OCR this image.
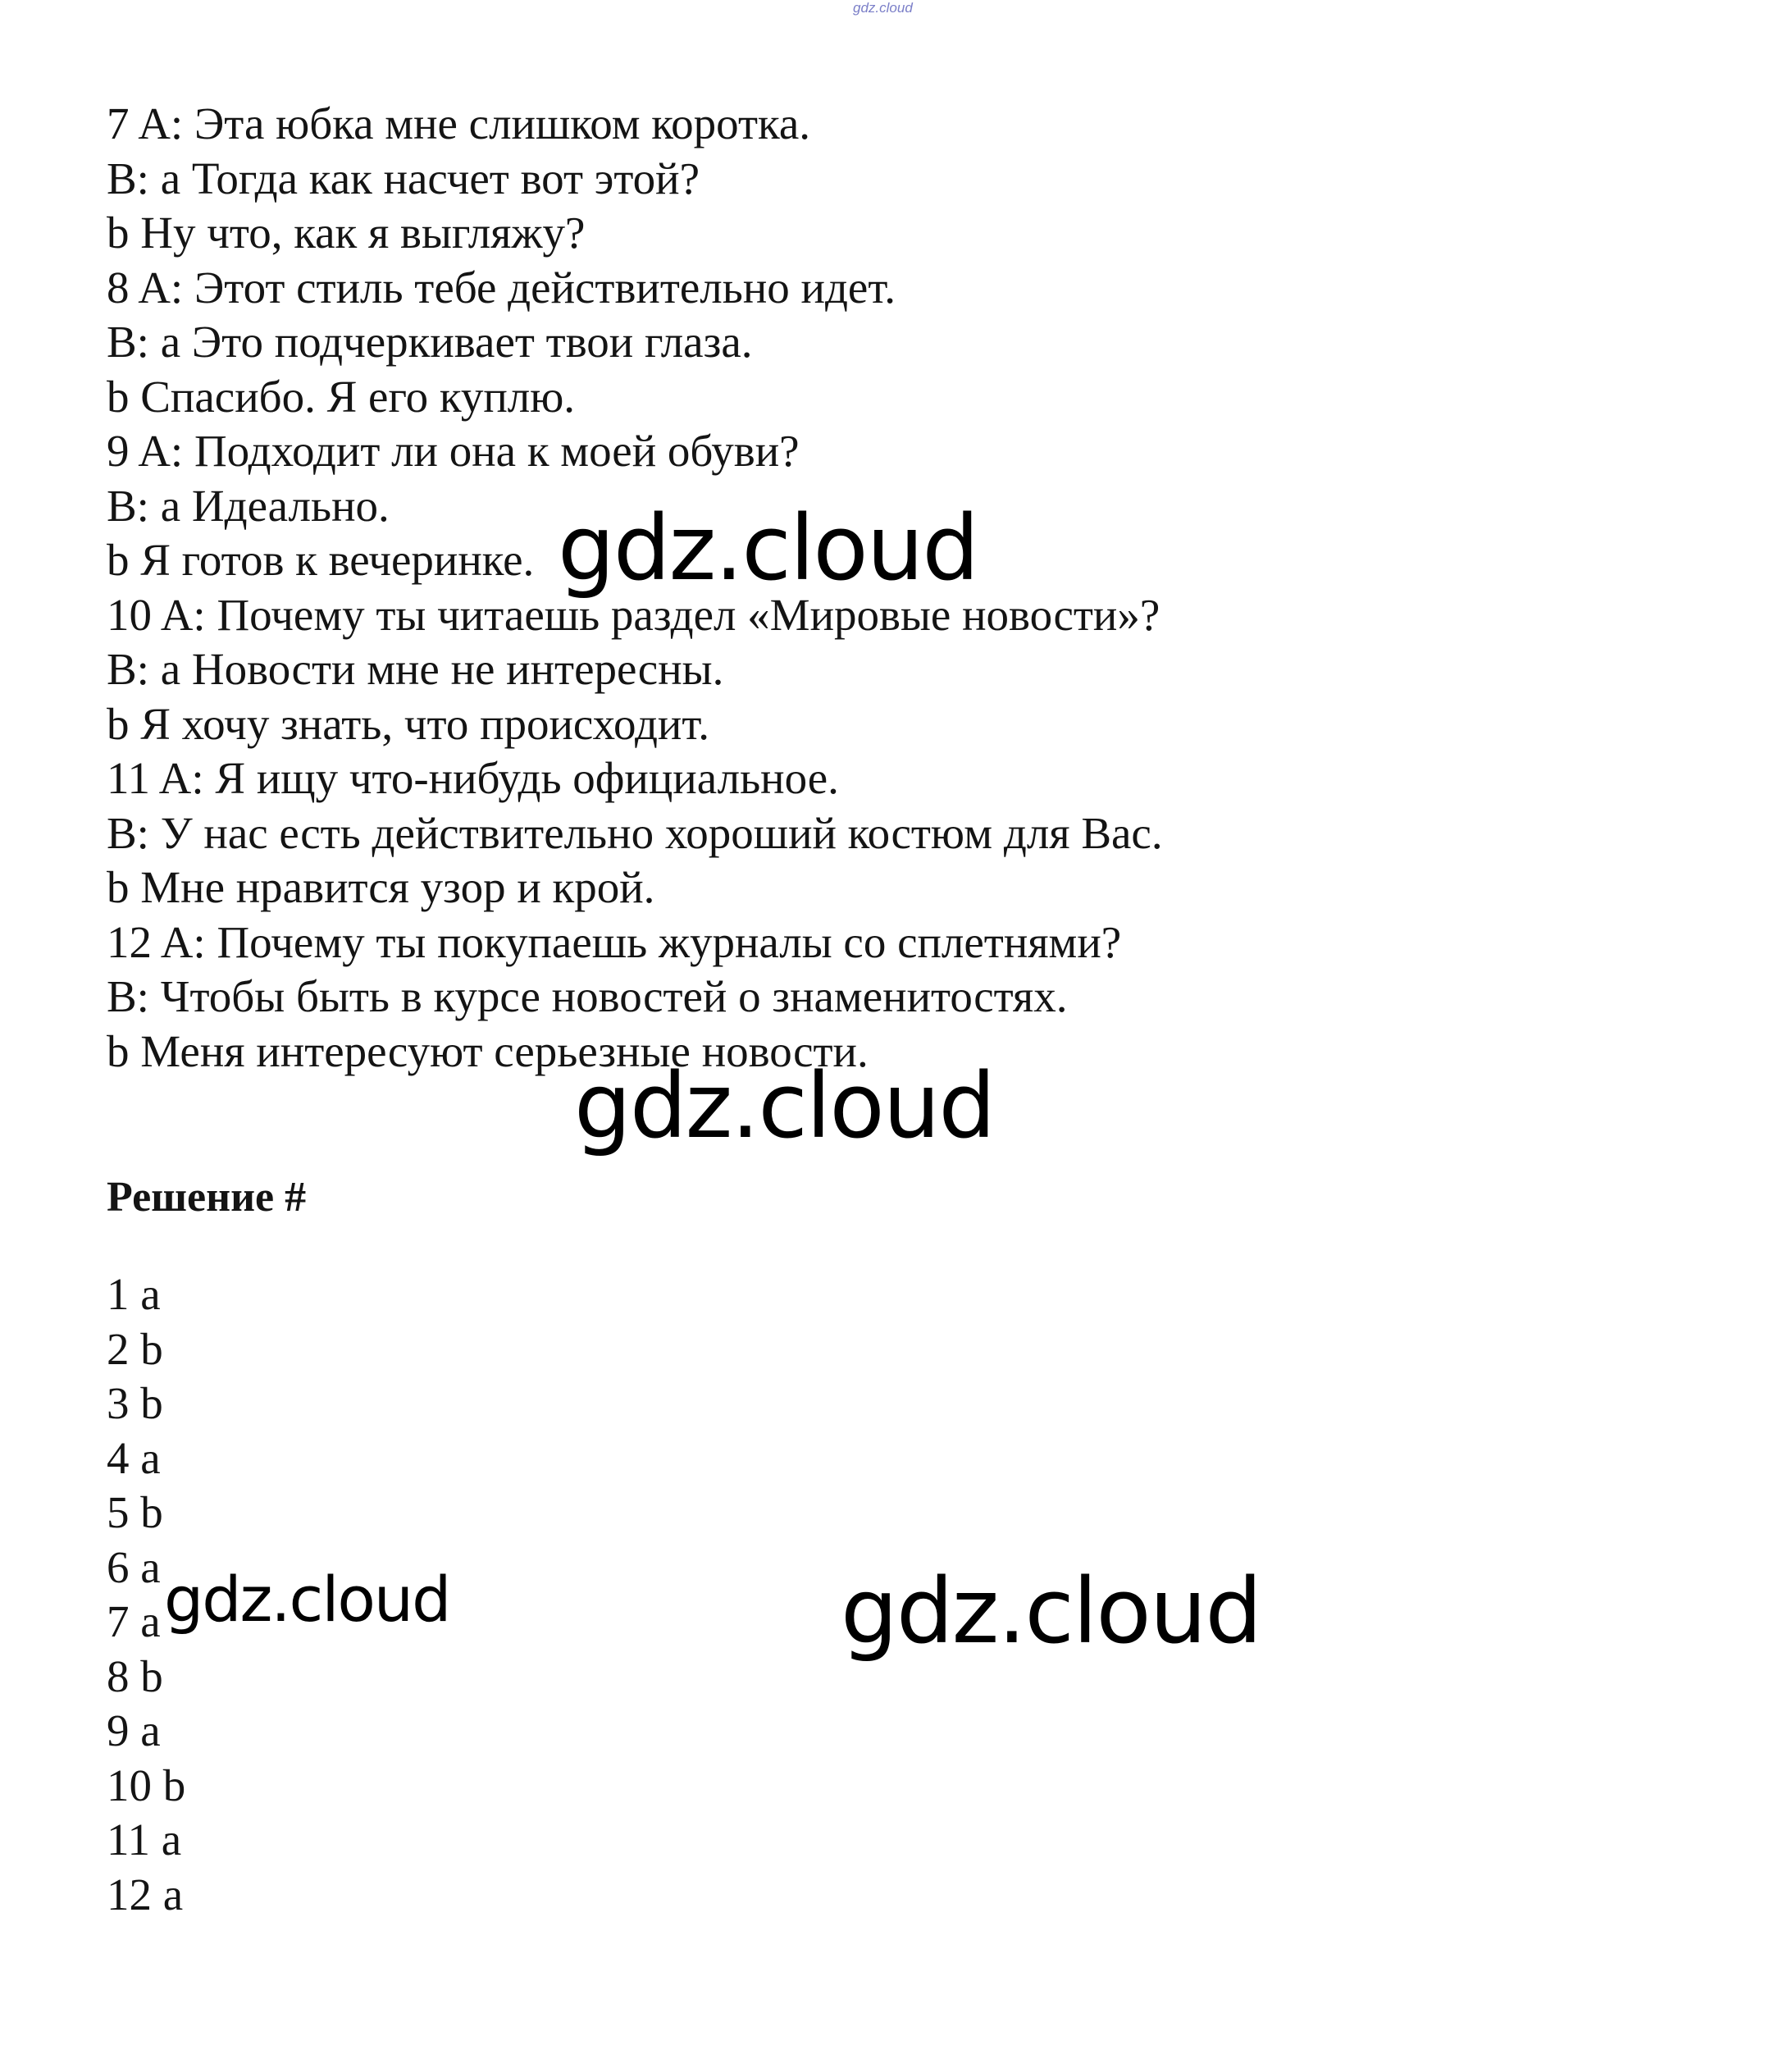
gdz.cloud
7 A: Эта юбка мне слишком коротка.
B: a Тогда как насчет вот этой?
b Ну что, как я выгляжу?
8 A: Этот стиль тебе действительно идет.
B: a Это подчеркивает твои глаза.
b Спасибо. Я его куплю.
9 A: Подходит ли она к моей обуви?
B: a Идеально.
b Я готов к вечеринке.
10 A: Почему ты читаешь раздел «Мировые новости»?
B: a Новости мне не интересны.
b Я хочу знать, что происходит.
11 A: Я ищу что-нибудь официальное.
B: У нас есть действительно хороший костюм для Вас.
b Мне нравится узор и крой.
12 A: Почему ты покупаешь журналы со сплетнями?
B: Чтобы быть в курсе новостей о знаменитостях.
b Меня интересуют серьезные новости.
Решение #
1 a
2 b
3 b
4 a
5 b
6 a
7 a
8 b
9 a
10 b
11 a
12 a
gdz.cloud
gdz.cloud
gdz.cloud	gdz.cloud
